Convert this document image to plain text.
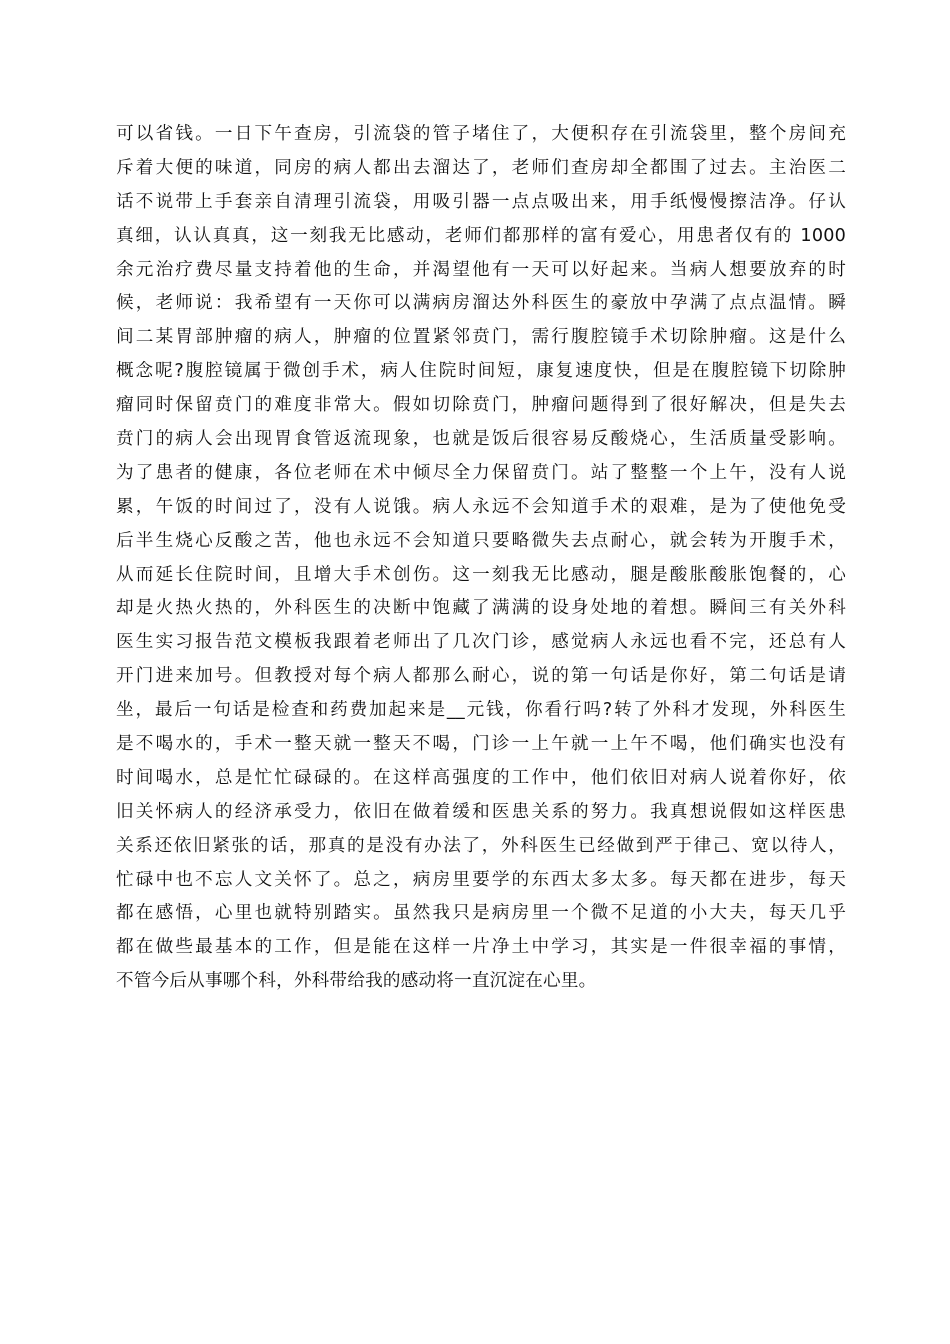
可以省钱。一日下午查房，引流袋的管子堵住了，大便积存在引流袋里，整个房间充
斥着大便的味道，同房的病人都出去溜达了，老师们查房却全都围了过去。主治医二
话不说带上手套亲自清理引流袋，用吸引器一点点吸出来，用手纸慢慢擦洁净。仔认
真细，认认真真，这一刻我无比感动，老师们都那样的富有爱心，用患者仅有的 1000
余元治疗费尽量支持着他的生命，并渴望他有一天可以好起来。当病人想要放弃的时
候，老师说：我希望有一天你可以满病房溜达外科医生的豪放中孕满了点点温情。瞬
间二某胃部肿瘤的病人，肿瘤的位置紧邻贲门，需行腹腔镜手术切除肿瘤。这是什么
概念呢?腹腔镜属于微创手术，病人住院时间短，康复速度快，但是在腹腔镜下切除肿
瘤同时保留贲门的难度非常大。假如切除贲门，肿瘤问题得到了很好解决，但是失去
贲门的病人会出现胃食管返流现象，也就是饭后很容易反酸烧心，生活质量受影响。
为了患者的健康，各位老师在术中倾尽全力保留贲门。站了整整一个上午，没有人说
累，午饭的时间过了，没有人说饿。病人永远不会知道手术的艰难，是为了使他免受
后半生烧心反酸之苦，他也永远不会知道只要略微失去点耐心，就会转为开腹手术，
从而延长住院时间，且增大手术创伤。这一刻我无比感动，腿是酸胀酸胀饱餐的，心
却是火热火热的，外科医生的决断中饱藏了满满的设身处地的着想。瞬间三有关外科
医生实习报告范文模板我跟着老师出了几次门诊，感觉病人永远也看不完，还总有人
开门进来加号。但教授对每个病人都那么耐心，说的第一句话是你好，第二句话是请
坐，最后一句话是检查和药费加起来是__元钱，你看行吗?转了外科才发现，外科医生
是不喝水的，手术一整天就一整天不喝，门诊一上午就一上午不喝，他们确实也没有
时间喝水，总是忙忙碌碌的。在这样高强度的工作中，他们依旧对病人说着你好，依
旧关怀病人的经济承受力，依旧在做着缓和医患关系的努力。我真想说假如这样医患
关系还依旧紧张的话，那真的是没有办法了，外科医生已经做到严于律己、宽以待人，
忙碌中也不忘人文关怀了。总之，病房里要学的东西太多太多。每天都在进步，每天
都在感悟，心里也就特别踏实。虽然我只是病房里一个微不足道的小大夫，每天几乎
都在做些最基本的工作，但是能在这样一片净土中学习，其实是一件很幸福的事情，
不管今后从事哪个科，外科带给我的感动将一直沉淀在心里。
